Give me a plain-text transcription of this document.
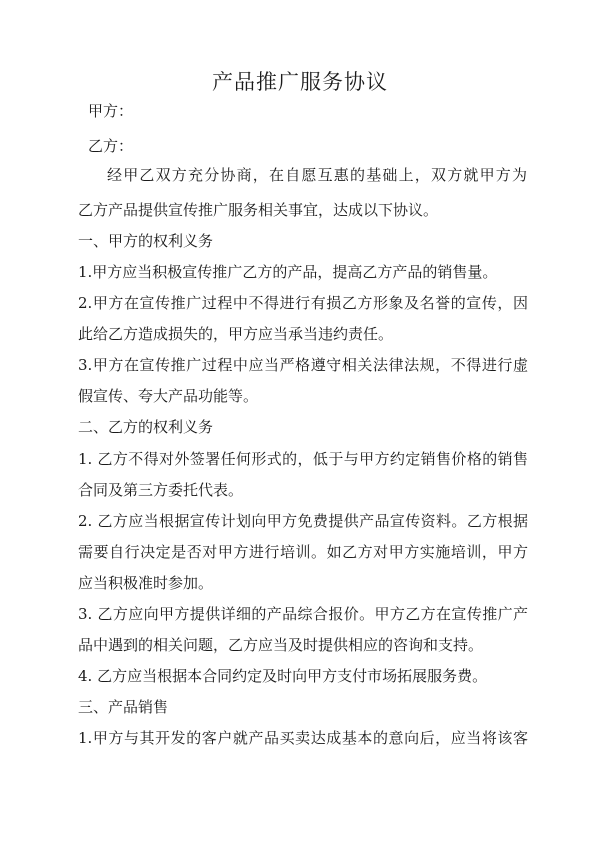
产品推广服务协议
甲方：
乙方：
经甲乙双方充分协商，在自愿互惠的基础上，双方就甲方为
乙方产品提供宣传推广服务相关事宜，达成以下协议。
一、甲方的权利义务
1.甲方应当积极宣传推广乙方的产品，提高乙方产品的销售量。
2.甲方在宣传推广过程中不得进行有损乙方形象及名誉的宣传，因
此给乙方造成损失的，甲方应当承当违约责任。
3.甲方在宣传推广过程中应当严格遵守相关法律法规，不得进行虚
假宣传、夸大产品功能等。
二、乙方的权利义务
1. 乙方不得对外签署任何形式的，低于与甲方约定销售价格的销售
合同及第三方委托代表。
2. 乙方应当根据宣传计划向甲方免费提供产品宣传资料。乙方根据
需要自行决定是否对甲方进行培训。如乙方对甲方实施培训，甲方
应当积极准时参加。
3. 乙方应向甲方提供详细的产品综合报价。甲方乙方在宣传推广产
品中遇到的相关问题，乙方应当及时提供相应的咨询和支持。
4. 乙方应当根据本合同约定及时向甲方支付市场拓展服务费。
三、产品销售
1.甲方与其开发的客户就产品买卖达成基本的意向后，应当将该客
